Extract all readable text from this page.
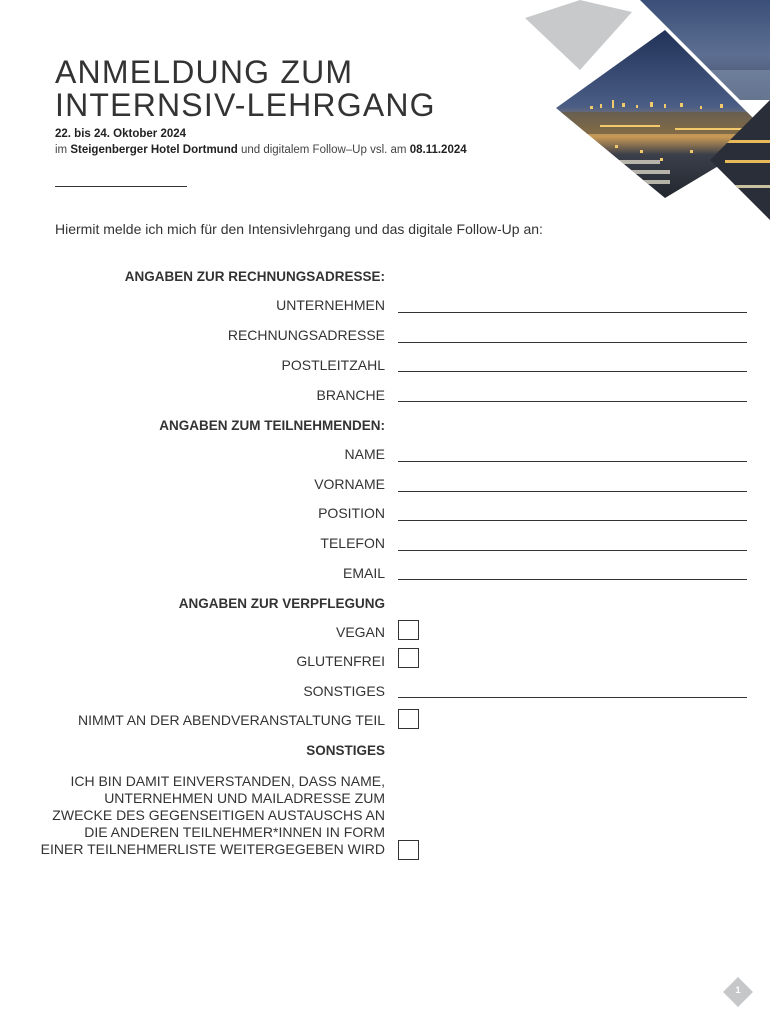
ANMELDUNG ZUM
INTERNSIV-LEHRGANG
22. bis 24. Oktober 2024
im Steigenberger Hotel Dortmund und digitalem Follow–Up vsl. am 08.11.2024
Hiermit melde ich mich für den Intensivlehrgang und das digitale Follow-Up an:
ANGABEN ZUR RECHNUNGSADRESSE:
UNTERNEHMEN
RECHNUNGSADRESSE
POSTLEITZAHL
BRANCHE
ANGABEN ZUM TEILNEHMENDEN:
NAME
VORNAME
POSITION
TELEFON
EMAIL
ANGABEN ZUR VERPFLEGUNG
VEGAN
GLUTENFREI
SONSTIGES
NIMMT AN DER ABENDVERANSTALTUNG TEIL
SONSTIGES

ICH BIN DAMIT EINVERSTANDEN, DASS NAME,
UNTERNEHMEN UND MAILADRESSE ZUM
ZWECKE DES GEGENSEITIGEN AUSTAUSCHS AN
DIE ANDEREN TEILNEHMER*INNEN IN FORM
EINER TEILNEHMERLISTE WEITERGEGEBEN WIRD

1
